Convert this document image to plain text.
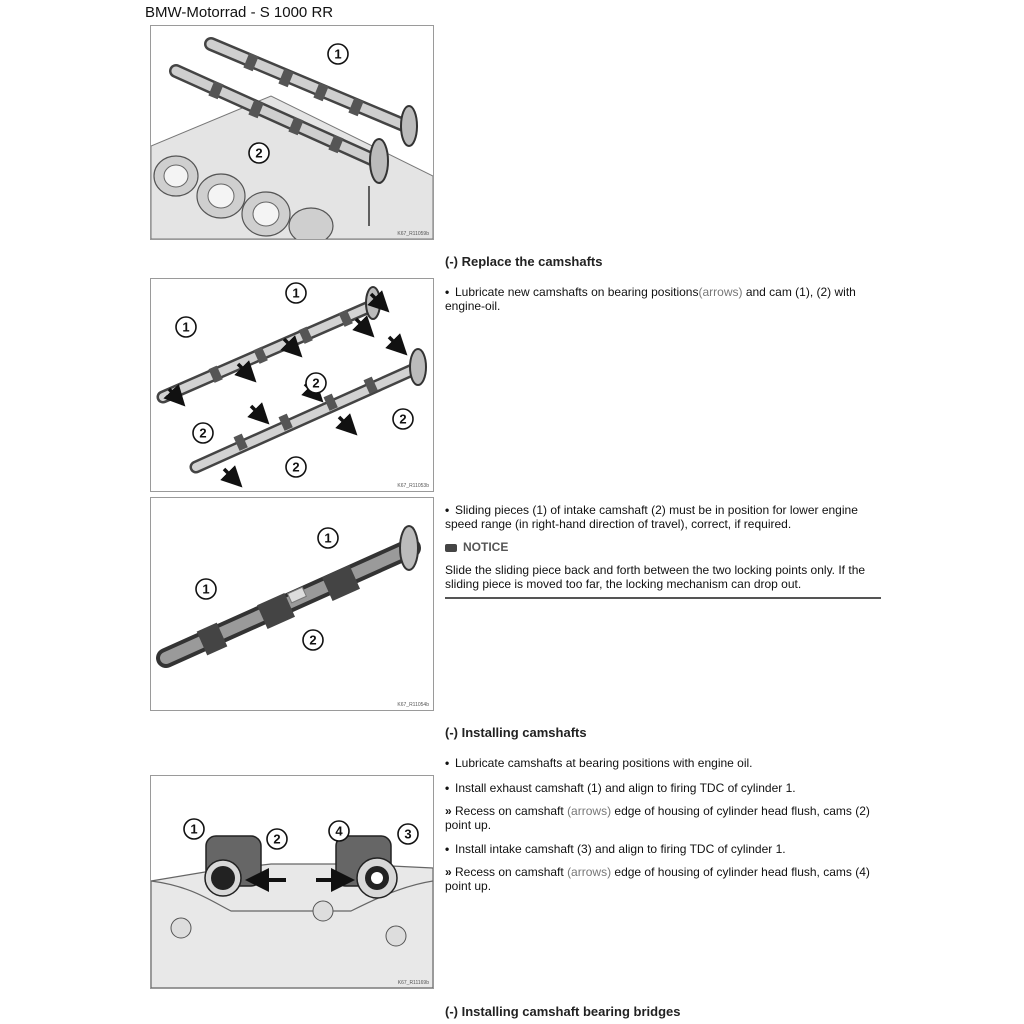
BMW-Motorrad - S 1000 RR
1
2
K67_R11059b
1
1
2
2
2
2
K67_R11053b
1
1
2
K67_R11054b
1
2
4	3
K67_R11169b
(-) Replace the camshafts
• Lubricate new camshafts on bearing positions(arrows) and cam (1), (2) with engine-oil.
• Sliding pieces (1) of intake camshaft (2) must be in position for lower engine speed range (in right-hand direction of travel), correct, if required.
NOTICE
Slide the sliding piece back and forth between the two locking points only. If the sliding piece is moved too far, the locking mechanism can drop out.
(-) Installing camshafts
• Lubricate camshafts at bearing positions with engine oil.
• Install exhaust camshaft (1) and align to firing TDC of cylinder 1.
» Recess on camshaft (arrows) edge of housing of cylinder head flush, cams (2) point up.
• Install intake camshaft (3) and align to firing TDC of cylinder 1.
» Recess on camshaft (arrows) edge of housing of cylinder head flush, cams (4) point up.
(-) Installing camshaft bearing bridges
